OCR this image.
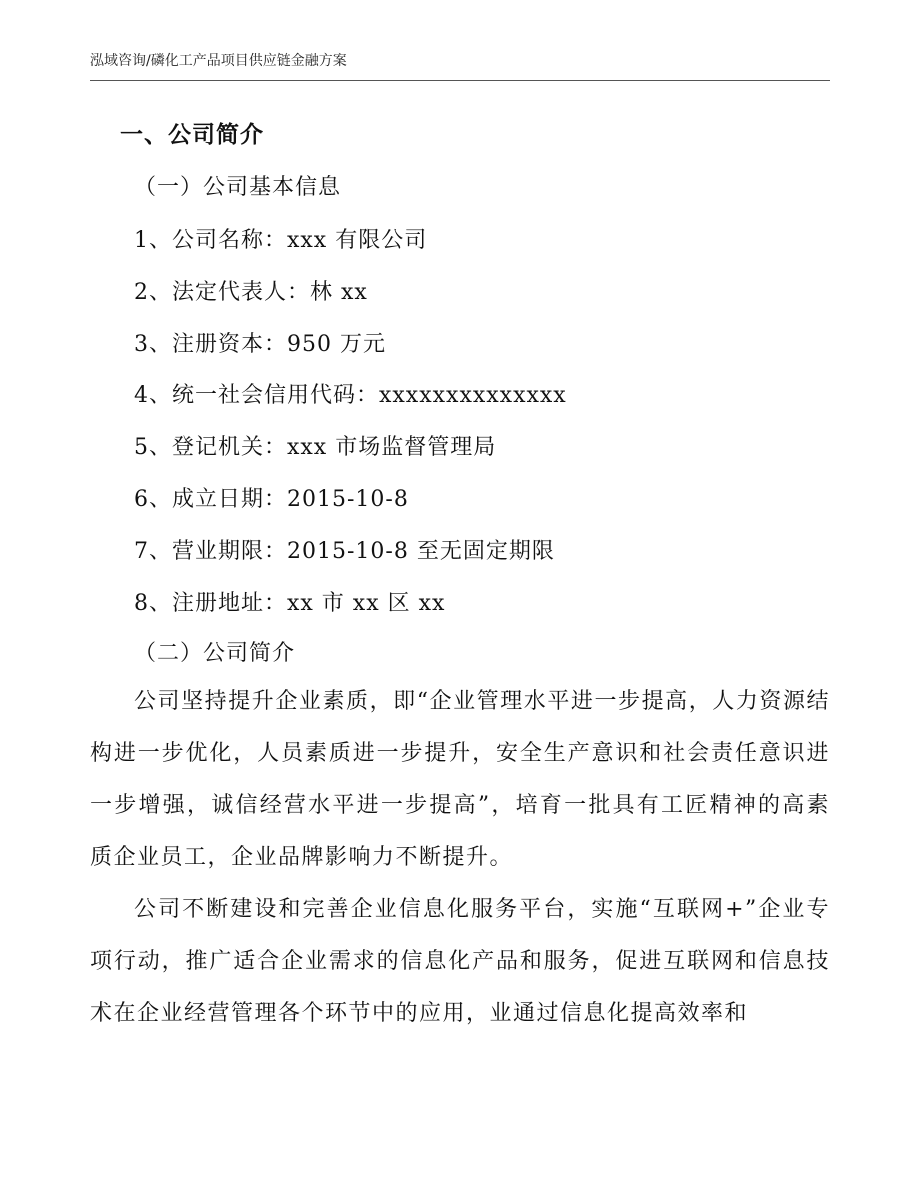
泓域咨询/磷化工产品项目供应链金融方案
一、公司简介

（一）公司基本信息

1、公司名称：xxx 有限公司

2、法定代表人：林 xx

3、注册资本：950 万元

4、统一社会信用代码：xxxxxxxxxxxxxx

5、登记机关：xxx 市场监督管理局

6、成立日期：2015-10-8

7、营业期限：2015-10-8 至无固定期限

8、注册地址：xx 市 xx 区 xx

（二）公司简介

公司坚持提升企业素质，即“企业管理水平进一步提高，人力资源结构进一步优化，人员素质进一步提升，安全生产意识和社会责任意识进一步增强，诚信经营水平进一步提高”，培育一批具有工匠精神的高素质企业员工，企业品牌影响力不断提升。

公司不断建设和完善企业信息化服务平台，实施“互联网+”企业专项行动，推广适合企业需求的信息化产品和服务，促进互联网和信息技术在企业经营管理各个环节中的应用，业通过信息化提高效率和
